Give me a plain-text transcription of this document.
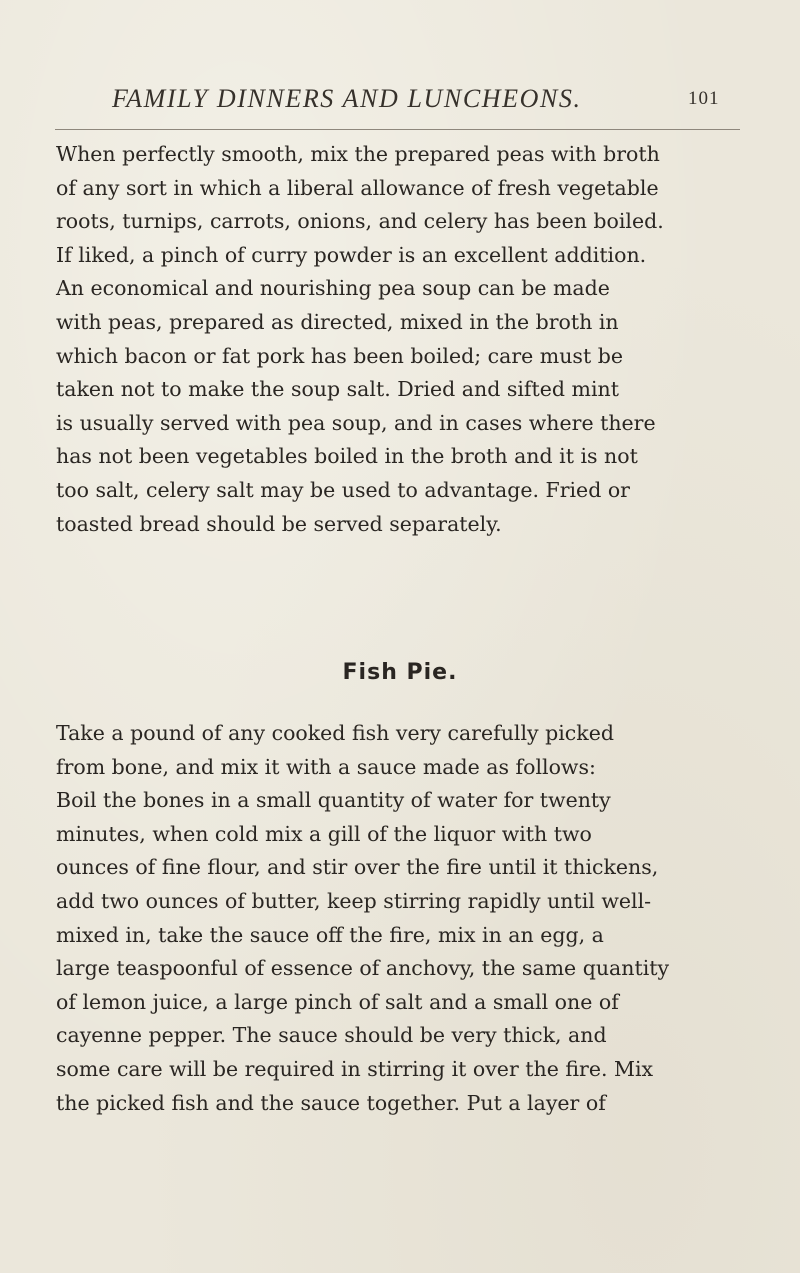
FAMILY DINNERS AND LUNCHEONS.	101

When perfectly smooth, mix the prepared peas with broth
of any sort in which a liberal allowance of fresh vegetable
roots, turnips, carrots, onions, and celery has been boiled.
If liked, a pinch of curry powder is an excellent addition.
An economical and nourishing pea soup can be made
with peas, prepared as directed, mixed in the broth in
which bacon or fat pork has been boiled; care must be
taken not to make the soup salt. Dried and sifted mint
is usually served with pea soup, and in cases where there
has not been vegetables boiled in the broth and it is not
too salt, celery salt may be used to advantage. Fried or
toasted bread should be served separately.

Fish Pie.

Take a pound of any cooked fish very carefully picked
from bone, and mix it with a sauce made as follows:
Boil the bones in a small quantity of water for twenty
minutes, when cold mix a gill of the liquor with two
ounces of fine flour, and stir over the fire until it thickens,
add two ounces of butter, keep stirring rapidly until well-
mixed in, take the sauce off the fire, mix in an egg, a
large teaspoonful of essence of anchovy, the same quantity
of lemon juice, a large pinch of salt and a small one of
cayenne pepper. The sauce should be very thick, and
some care will be required in stirring it over the fire. Mix
the picked fish and the sauce together. Put a layer of
